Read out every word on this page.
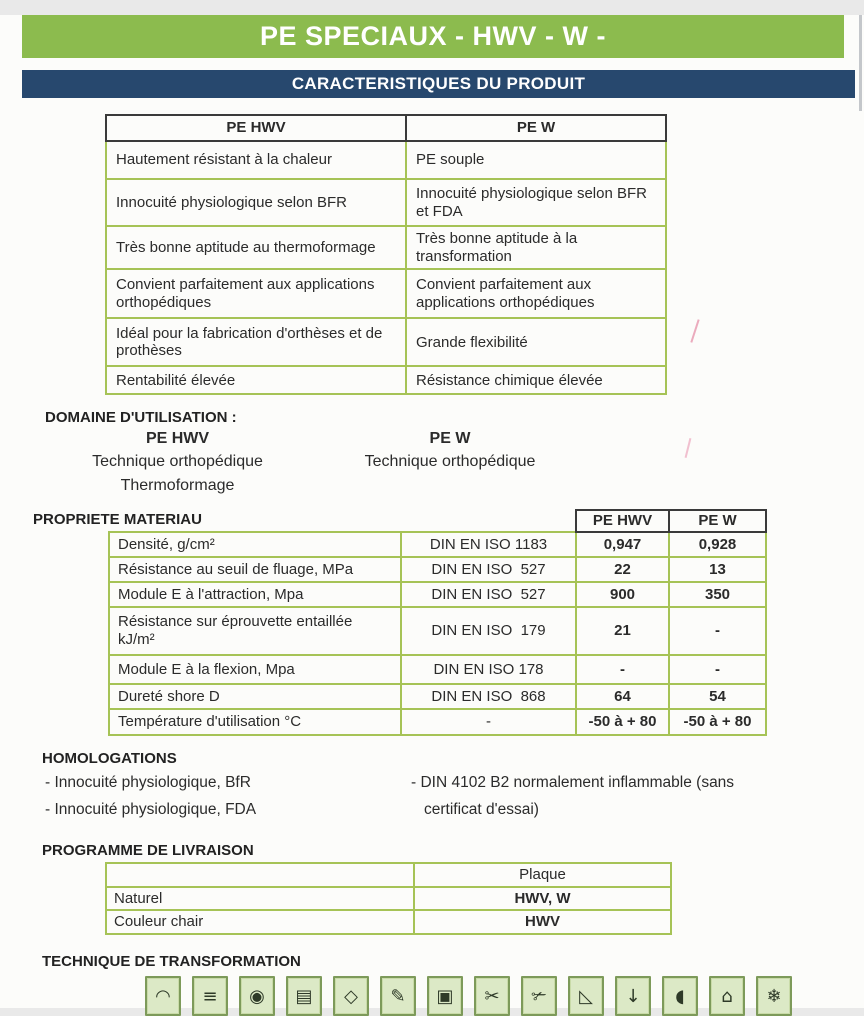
PE SPECIAUX - HWV - W -
CARACTERISTIQUES DU PRODUIT
PE HWV	PE W
Hautement résistant à la chaleur	PE souple
Innocuité physiologique selon BFR	Innocuité physiologique selon BFR et FDA
Très bonne aptitude au thermoformage	Très bonne aptitude à la transformation
Convient parfaitement aux applications orthopédiques	Convient parfaitement aux applications orthopédiques
Idéal pour la fabrication d'orthèses et de prothèses	Grande flexibilité
Rentabilité élevée	Résistance chimique élevée
DOMAINE D'UTILISATION :
PE HWV
Technique orthopédique
Thermoformage
PE W
Technique orthopédique
PROPRIETE MATERIAU
			PE HWV	PE W
Densité, g/cm²	DIN EN ISO 1183	0,947	0,928
Résistance au seuil de fluage, MPa	DIN EN ISO  527	22	13
Module E à l'attraction, Mpa	DIN EN ISO  527	900	350
Résistance sur éprouvette entaillée kJ/m²	DIN EN ISO  179	21	-
Module E à la flexion, Mpa	DIN EN ISO 178	-	-
Dureté shore D	DIN EN ISO  868	64	54
Température d'utilisation °C	-	-50 à + 80	-50 à + 80
HOMOLOGATIONS
- Innocuité physiologique, BfR
- Innocuité physiologique, FDA
- DIN 4102 B2 normalement inflammable (sans
certificat d'essai)
PROGRAMME DE LIVRAISON
	Plaque
Naturel	HWV, W
Couleur chair	HWV
TECHNIQUE DE TRANSFORMATION
◠ ≡ ◉ ▤ ◇ ✎ ▣ ✂ ✃ ◺ ↓ ◖ ⌂ ❄
